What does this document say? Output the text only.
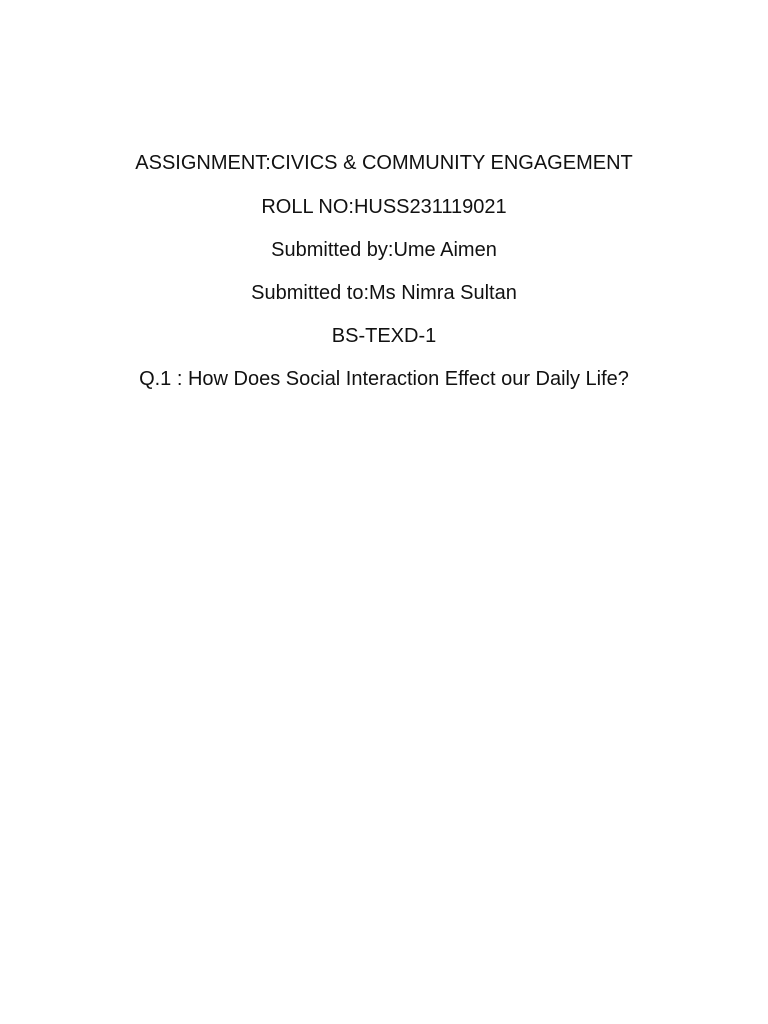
ASSIGNMENT:CIVICS & COMMUNITY ENGAGEMENT
ROLL NO:HUSS231119021
Submitted by:Ume Aimen
Submitted to:Ms Nimra Sultan
BS-TEXD-1
Q.1 : How Does Social Interaction Effect our Daily Life?
